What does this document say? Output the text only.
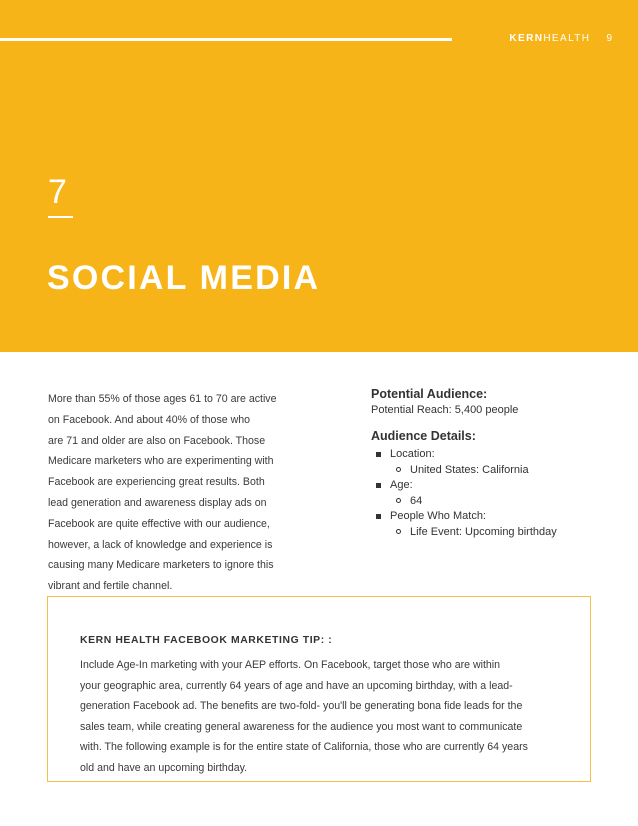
KERNHEALTH 9
7
SOCIAL MEDIA
More than 55% of those ages 61 to 70 are active
on Facebook. And about 40% of those who
are 71 and older are also on Facebook. Those
Medicare marketers who are experimenting with
Facebook are experiencing great results. Both
lead generation and awareness display ads on
Facebook are quite effective with our audience,
however, a lack of knowledge and experience is
causing many Medicare marketers to ignore this
vibrant and fertile channel.
Potential Audience:
Potential Reach: 5,400 people
Audience Details:
Location:
United States: California
Age:
64
People Who Match:
Life Event: Upcoming birthday
KERN HEALTH FACEBOOK MARKETING TIP: :
Include Age-In marketing with your AEP efforts. On Facebook, target those who are within
your geographic area, currently 64 years of age and have an upcoming birthday, with a lead-
generation Facebook ad. The benefits are two-fold- you'll be generating bona fide leads for the
sales team, while creating general awareness for the audience you most want to communicate
with. The following example is for the entire state of California, those who are currently 64 years
old and have an upcoming birthday.
